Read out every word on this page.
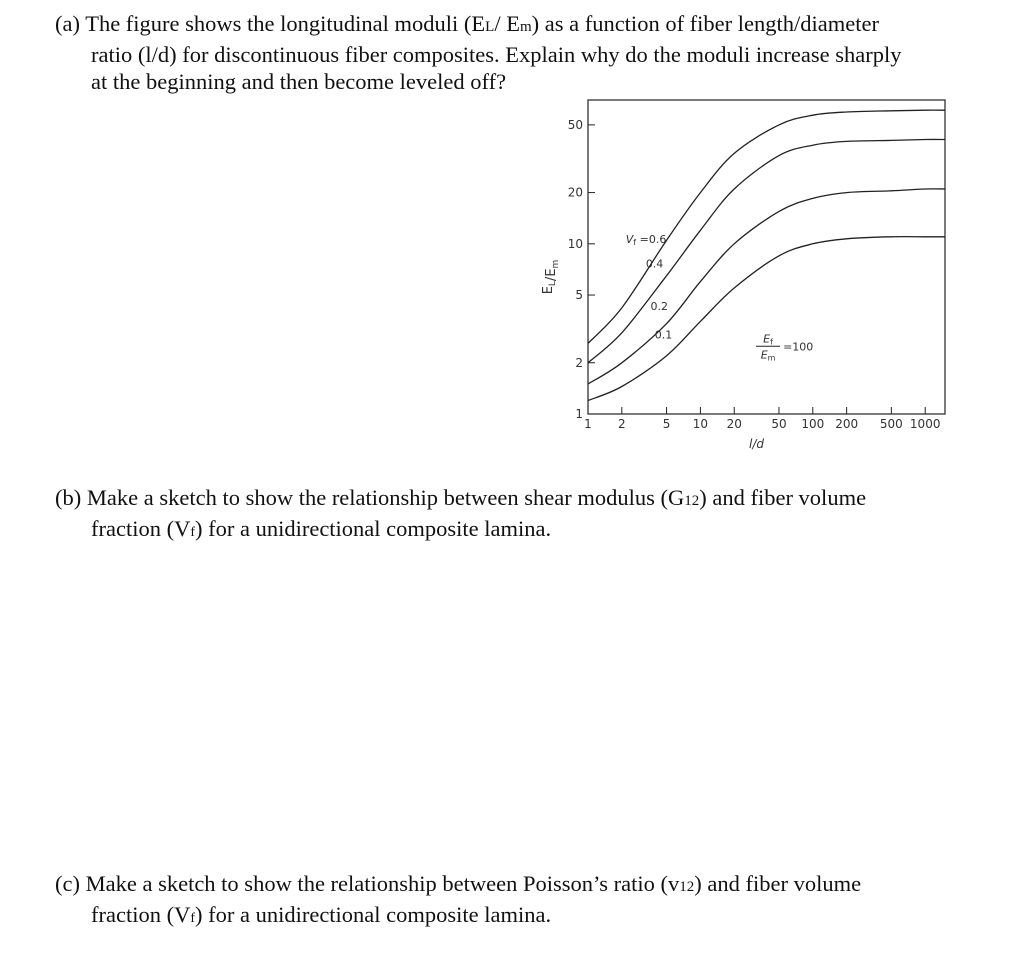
(a) The figure shows the longitudinal moduli (EL/ Em) as a function of fiber length/diameter
ratio (l/d) for discontinuous fiber composites. Explain why do the moduli increase sharply
at the beginning and then become leveled off?
1 2	5 10 20 50 100 200 500 1000
1
2
5
10
20
50
l/d
$E_L/E_m$
Vf =0.6
0.4
0.2
0.1	Ef
Em
=100
(b) Make a sketch to show the relationship between shear modulus (G12) and fiber volume
fraction (Vf) for a unidirectional composite lamina.
(c) Make a sketch to show the relationship between Poisson’s ratio (v12) and fiber volume
fraction (Vf) for a unidirectional composite lamina.
